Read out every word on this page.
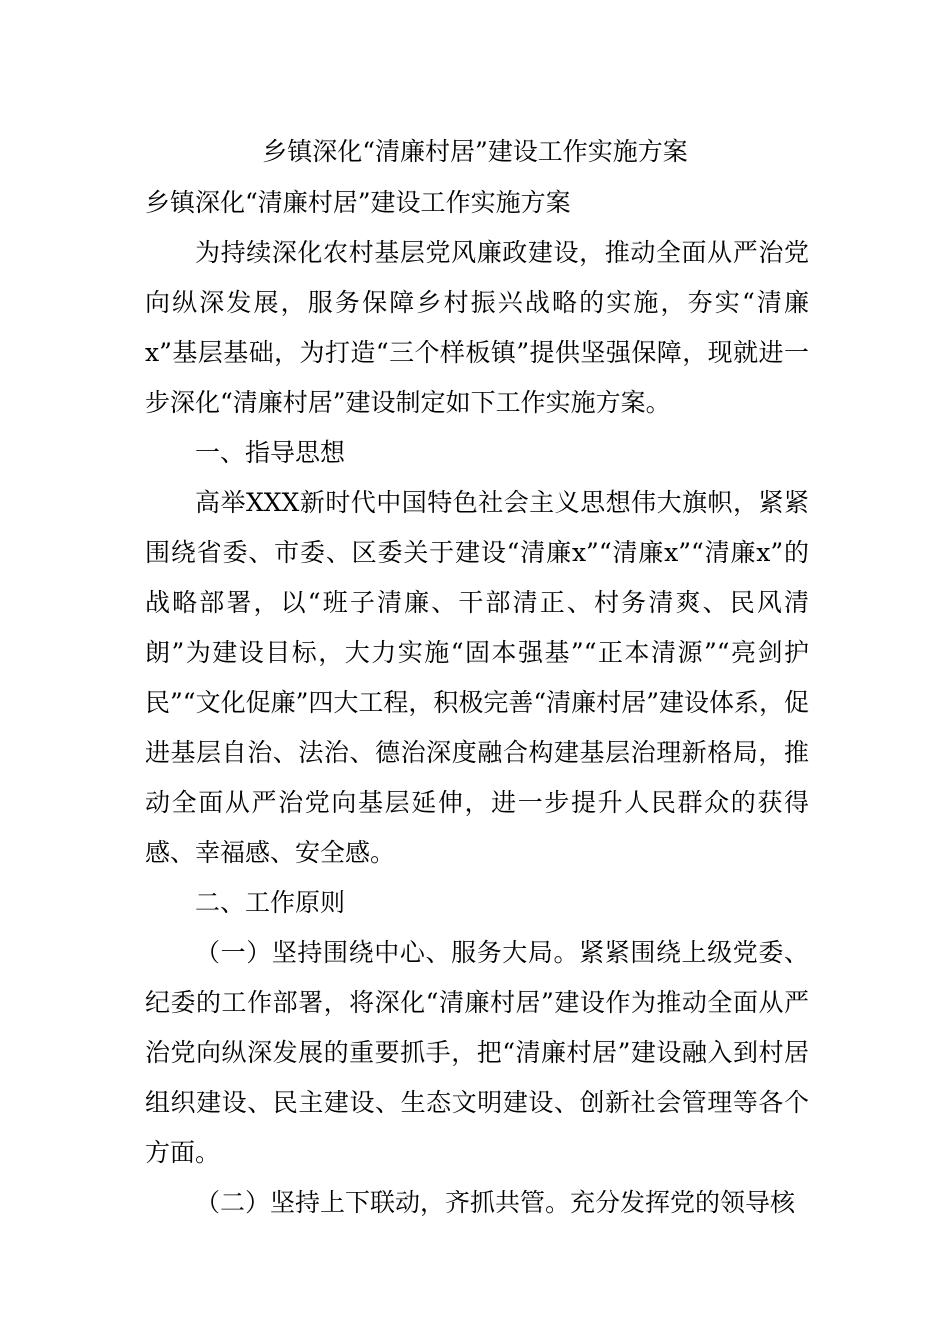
乡镇深化“清廉村居”建设工作实施方案

乡镇深化“清廉村居”建设工作实施方案

为持续深化农村基层党风廉政建设，推动全面从严治党向纵深发展，服务保障乡村振兴战略的实施，夯实“清廉x”基层基础，为打造“三个样板镇”提供坚强保障，现就进一步深化“清廉村居”建设制定如下工作实施方案。

一、指导思想

高举XXX新时代中国特色社会主义思想伟大旗帜，紧紧围绕省委、市委、区委关于建设“清廉x”“清廉x”“清廉x”的战略部署，以“班子清廉、干部清正、村务清爽、民风清朗”为建设目标，大力实施“固本强基”“正本清源”“亮剑护民”“文化促廉”四大工程，积极完善“清廉村居”建设体系，促进基层自治、法治、德治深度融合构建基层治理新格局，推动全面从严治党向基层延伸，进一步提升人民群众的获得感、幸福感、安全感。

二、工作原则

（一）坚持围绕中心、服务大局。紧紧围绕上级党委、纪委的工作部署，将深化“清廉村居”建设作为推动全面从严治党向纵深发展的重要抓手，把“清廉村居”建设融入到村居组织建设、民主建设、生态文明建设、创新社会管理等各个方面。

（二）坚持上下联动，齐抓共管。充分发挥党的领导核
